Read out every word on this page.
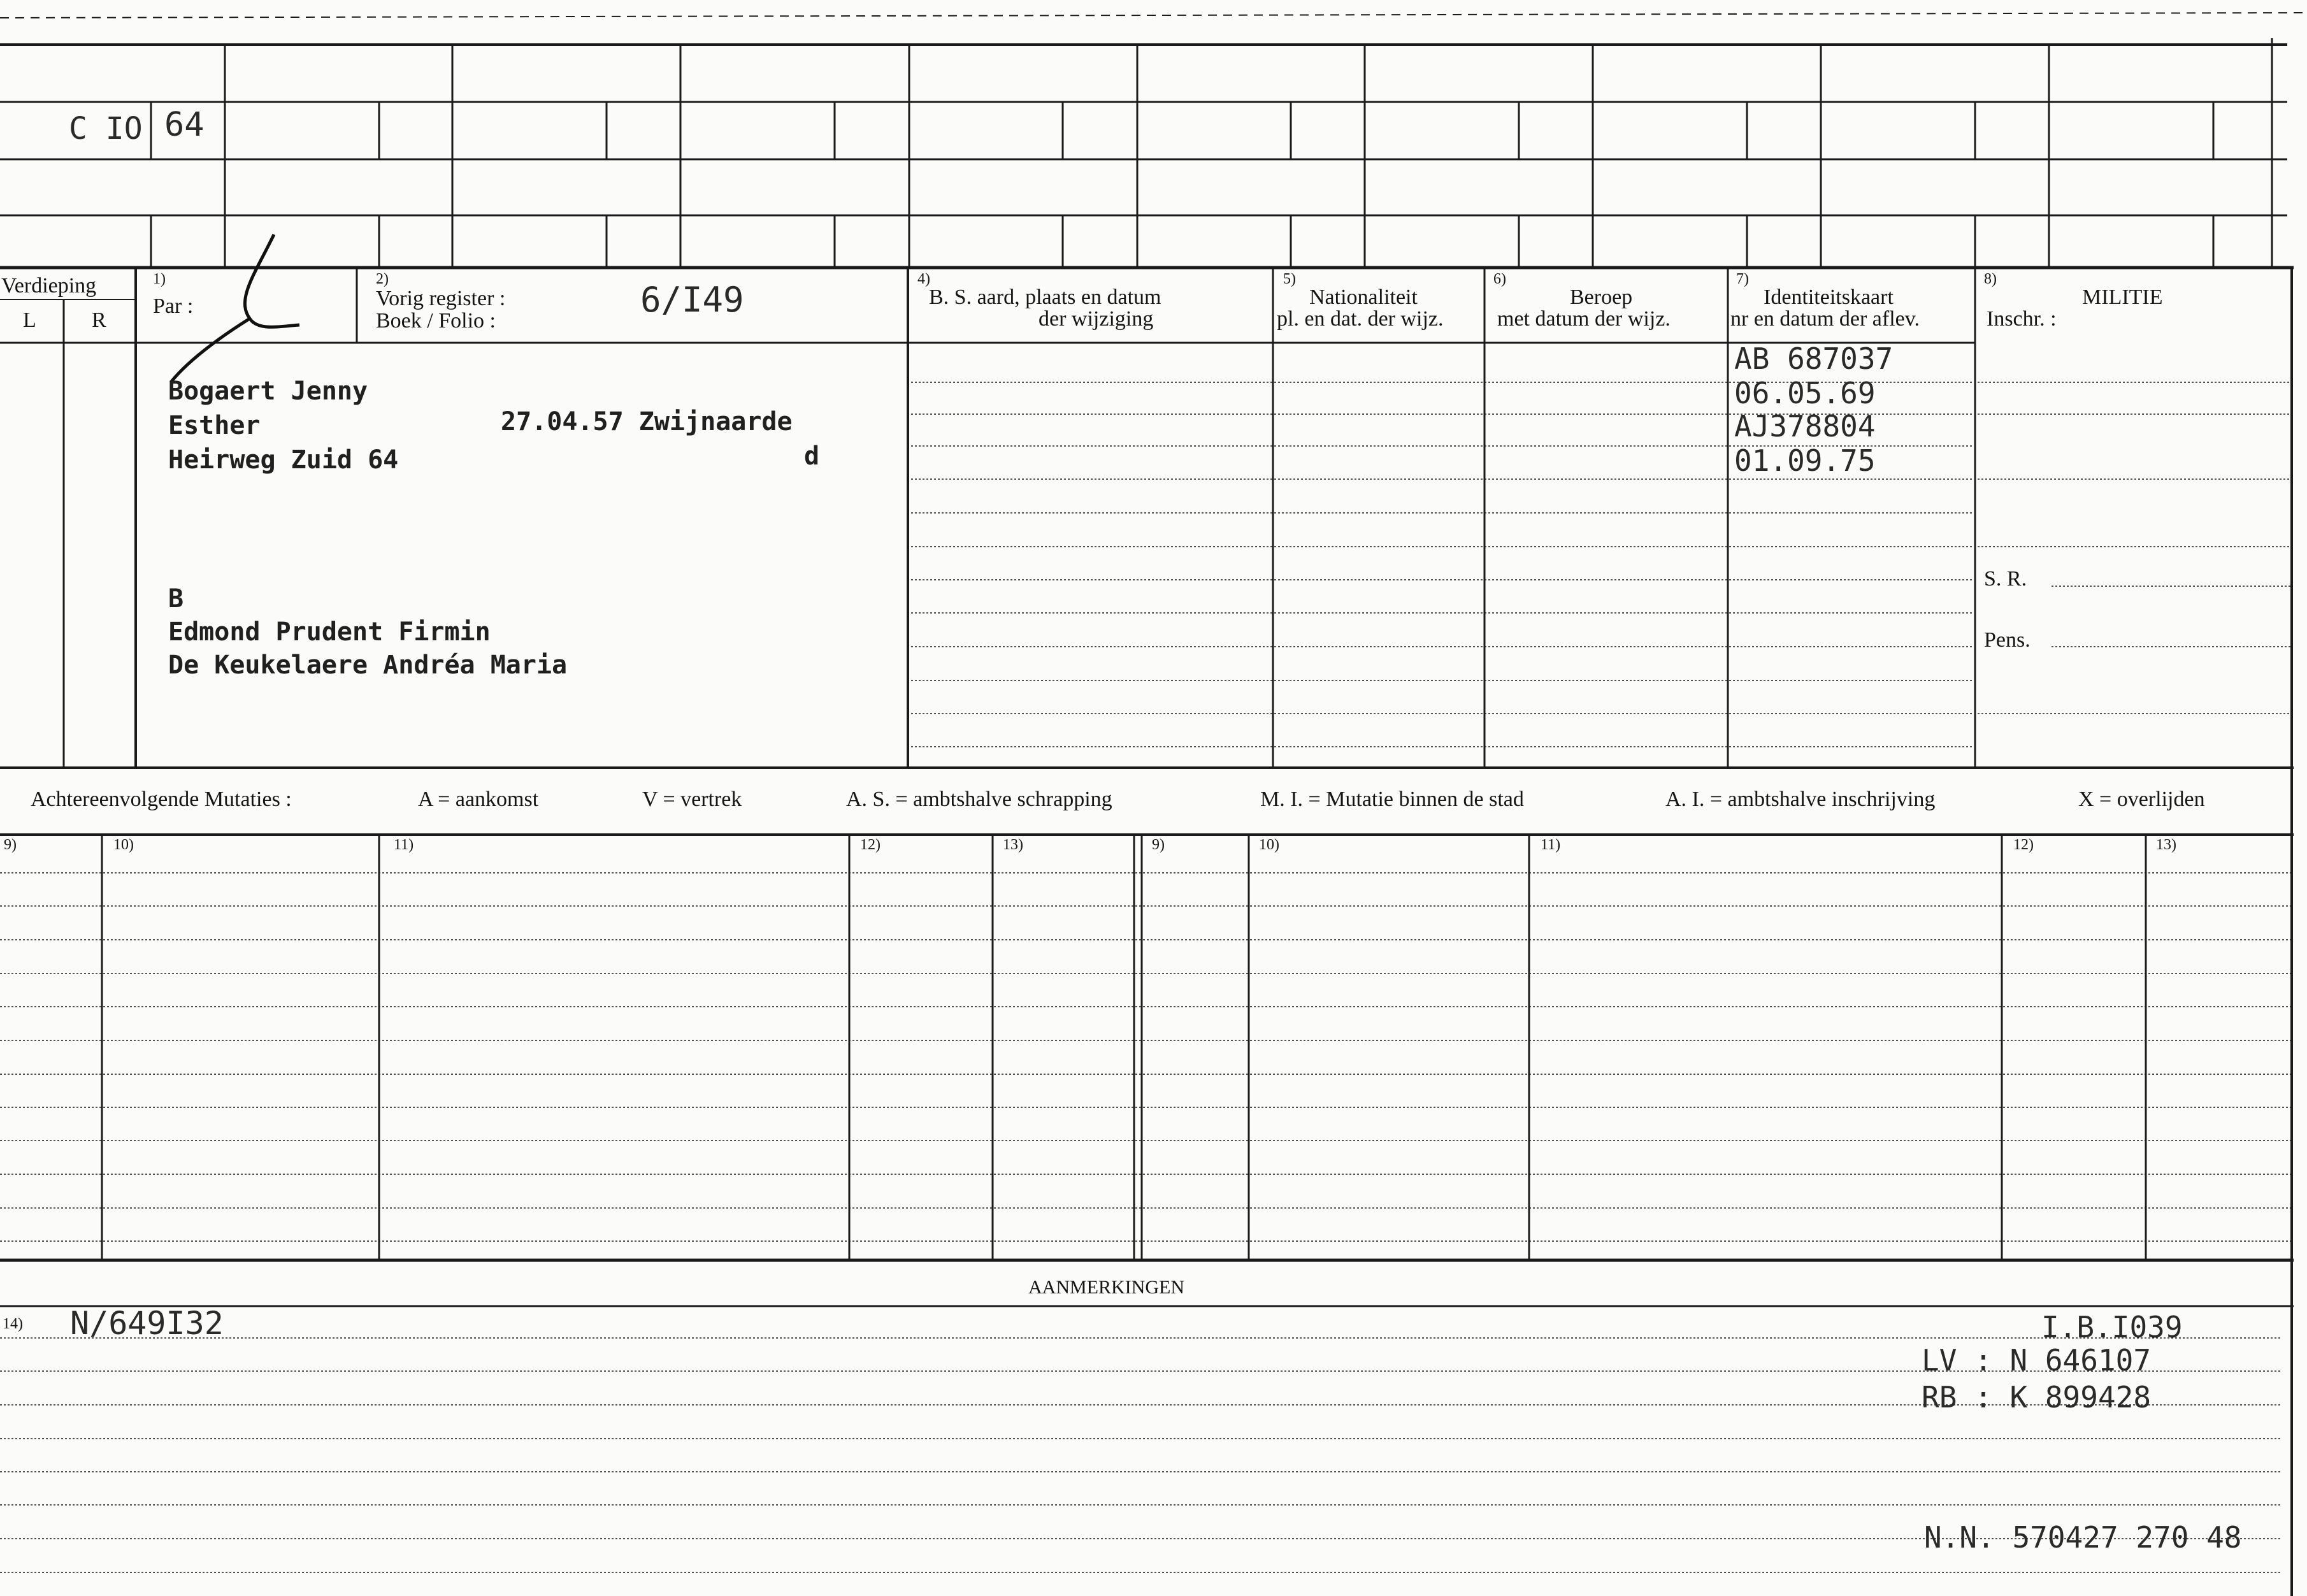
C IO 64
Verdieping
L	R
1)
Par :
2)
Vorig register :
Boek / Folio :
6/I49
4)
B. S. aard, plaats en datum
der wijziging
5)
Nationaliteit
pl. en dat. der wijz.
6)
Beroep
met datum der wijz.
7)
Identiteitskaart
nr en datum der aflev.
8)
MILITIE
Inschr. :
Bogaert Jenny
Esther	27.04.57 Zwijnaarde
Heirweg Zuid 64	d
B
Edmond Prudent Firmin
De Keukelaere Andréa Maria
AB 687037
06.05.69
AJ378804
01.09.75
S. R.
Pens.
Achtereenvolgende Mutaties :	A = aankomst	V = vertrek	A. S. = ambtshalve schrapping	M. I. = Mutatie binnen de stad	A. I. = ambtshalve inschrijving	X = overlijden
9)	10)	11)	12)	13)	9)	10)	11)	12)	13)
AANMERKINGEN
14) N/649I32	I.B.I039
LV : N 646107
RB : K 899428
N.N. 570427 270 48
